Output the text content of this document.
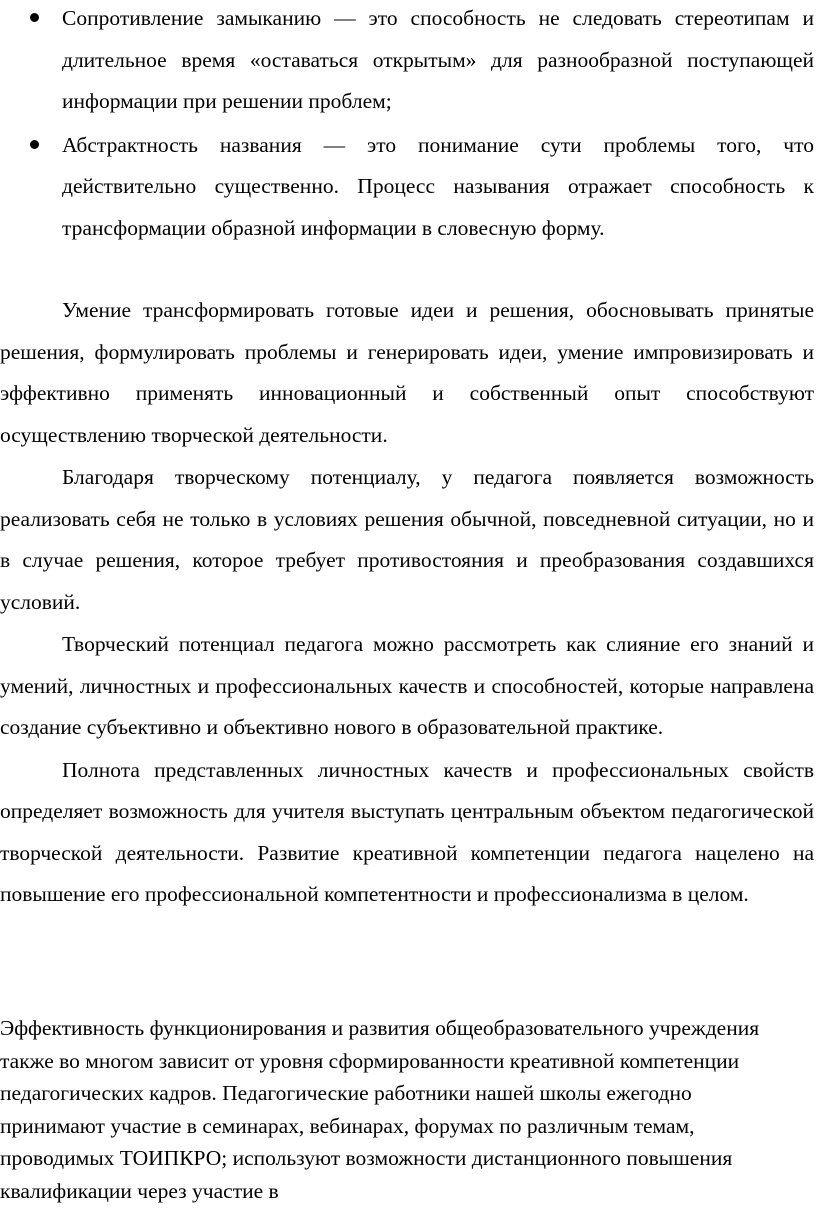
Сопротивление замыканию — это способность не следовать стереотипам и длительное время «оставаться открытым» для разнообразной поступающей информации при решении проблем;
Абстрактность названия — это понимание сути проблемы того, что действительно существенно. Процесс называния отражает способность к трансформации образной информации в словесную форму.

Умение трансформировать готовые идеи и решения, обосновывать принятые решения, формулировать проблемы и генерировать идеи, умение импровизировать и эффективно применять инновационный и собственный опыт способствуют осуществлению творческой деятельности.

Благодаря творческому потенциалу, у педагога появляется возможность реализовать себя не только в условиях решения обычной, повседневной ситуации, но и в случае решения, которое требует противостояния и преобразования создавшихся условий.

Творческий потенциал педагога можно рассмотреть как слияние его знаний и умений, личностных и профессиональных качеств и способностей, которые направлена создание субъективно и объективно нового в образовательной практике.

Полнота представленных личностных качеств и профессиональных свойств определяет возможность для учителя выступать центральным объектом педагогической творческой деятельности. Развитие креативной компетенции педагога нацелено на повышение его профессиональной компетентности и профессионализма в целом.

Эффективность функционирования и развития общеобразовательного учреждения также во многом зависит от уровня сформированности креативной компетенции педагогических кадров. Педагогические работники нашей школы ежегодно принимают участие в семинарах, вебинарах, форумах по различным темам, проводимых ТОИПКРО; используют возможности дистанционного повышения квалификации через участие в
